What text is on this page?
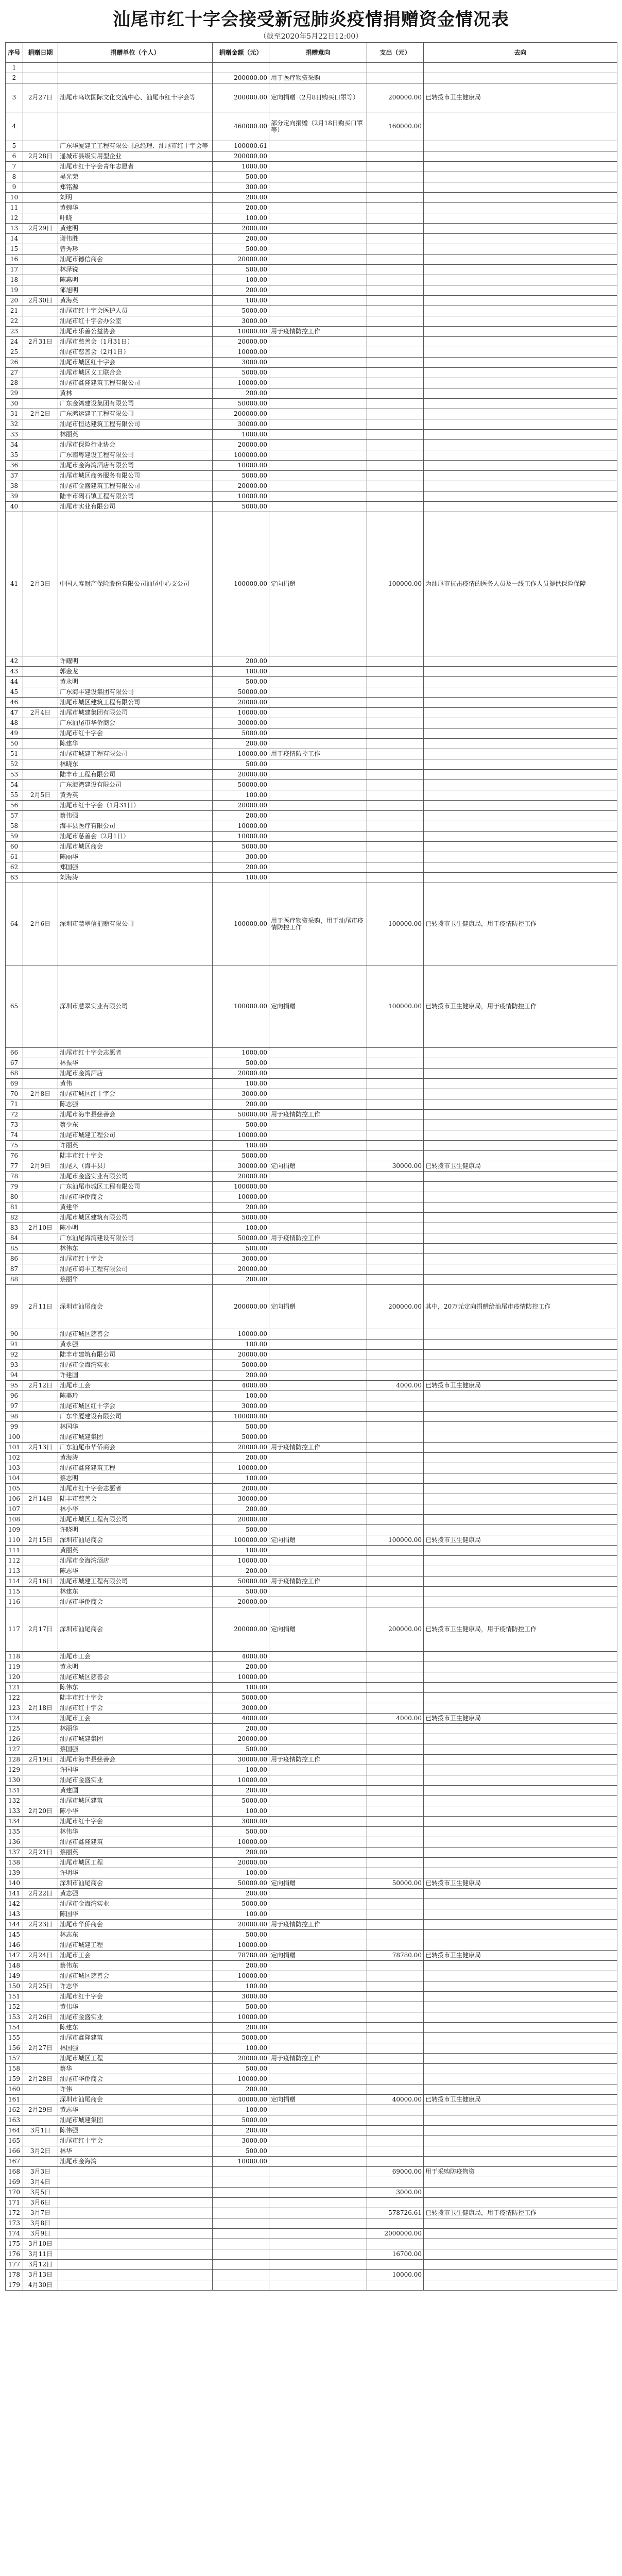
汕尾市红十字会接受新冠肺炎疫情捐赠资金情况表
（截至2020年5月22日12:00）
序号	捐赠日期	捐赠单位（个人）	捐赠金额（元）	捐赠意向	支出（元）	去向
1						
2			200000.00	用于医疗物资采购		
3	2月27日	汕尾市乌坎国际文化交流中心、汕尾市红十字会等	200000.00	定向捐赠（2月8日购买口罩等）	200000.00	已转拨市卫生健康局
4			460000.00	部分定向捐赠（2月18日购买口罩等）	160000.00	
5		广东华厦建工工程有限公司总经理、汕尾市红十字会等	100000.61			
6	2月28日	遥城市县级实用型企业	200000.00			
7		汕尾市红十字会青年志愿者	1000.00			
8		吴光荣	500.00			
9		郑铭源	300.00			
10		刘明	200.00			
11		黄婉华	200.00			
12		叶晓	100.00			
13	2月29日	黄建明	2000.00			
14		谢伟胜	200.00			
15		曾秀珍	500.00			
16		汕尾市德信商会	20000.00			
17		林泽锐	500.00			
18		陈惠明	100.00			
19		邹旭明	200.00			
20	2月30日	黄海英	100.00			
21		汕尾市红十字会医护人员	5000.00			
22		汕尾市红十字会办公室	3000.00			
23		汕尾市乐善公益协会	10000.00	用于疫情防控工作		
24	2月31日	汕尾市慈善会（1月31日）	20000.00			
25		汕尾市慈善会（2月1日）	10000.00			
26		汕尾市城区红十字会	3000.00			
27		汕尾市城区义工联合会	5000.00			
28		汕尾市鑫隆建筑工程有限公司	10000.00			
29		黄林	200.00			
30		广东金湾建设集团有限公司	50000.00			
31	2月2日	广东鸿运建工工程有限公司	200000.00			
32		汕尾市恒达建筑工程有限公司	30000.00			
33		林丽英	1000.00			
34		汕尾市保险行业协会	20000.00			
35		广东南粤建设工程有限公司	100000.00			
36		汕尾市金海湾酒店有限公司	10000.00			
37		汕尾市城区商务服务有限公司	5000.00			
38		汕尾市金盛建筑工程有限公司	20000.00			
39		陆丰市碣石镇工程有限公司	10000.00			
40		汕尾市实业有限公司	5000.00			
41	2月3日	中国人寿财产保险股份有限公司汕尾中心支公司	100000.00	定向捐赠	100000.00	为汕尾市抗击疫情的医务人员及一线工作人员提供保险保障
42		许耀明	200.00			
43		郭金龙	100.00			
44		黄永明	500.00			
45		广东海丰建设集团有限公司	50000.00			
46		汕尾市城区建筑工程有限公司	20000.00			
47	2月4日	汕尾市城建集团有限公司	10000.00			
48		广东汕尾市华侨商会	30000.00			
49		汕尾市红十字会	5000.00			
50		陈建华	200.00			
51		汕尾市城建工程有限公司	10000.00	用于疫情防控工作		
52		林晓东	500.00			
53		陆丰市工程有限公司	20000.00			
54		广东海湾建设有限公司	50000.00			
55	2月5日	黄秀英	100.00			
56		汕尾市红十字会（1月31日）	20000.00			
57		蔡伟强	200.00			
58		海丰县医疗有限公司	10000.00			
59		汕尾市慈善会（2月1日）	10000.00			
60		汕尾市城区商会	5000.00			
61		陈丽华	300.00			
62		郑国强	200.00			
63		刘海涛	100.00			
64	2月6日	深圳市慧翠信捐赠有限公司	100000.00	用于医疗物资采购，用于汕尾市疫情防控工作	100000.00	已转拨市卫生健康局，用于疫情防控工作
65		深圳市慧翠实业有限公司	100000.00	定向捐赠	100000.00	已转拨市卫生健康局，用于疫情防控工作
66		汕尾市红十字会志愿者	1000.00			
67		林振华	500.00			
68		汕尾市金湾酒店	20000.00			
69		黄伟	100.00			
70	2月8日	汕尾市城区红十字会	3000.00			
71		陈志强	200.00			
72		汕尾市海丰县慈善会	50000.00	用于疫情防控工作		
73		蔡少东	500.00			
74		汕尾市城建工程公司	10000.00			
75		许丽英	100.00			
76		陆丰市红十字会	5000.00			
77	2月9日	汕尾人（海丰县）	30000.00	定向捐赠	30000.00	已转拨市卫生健康局
78		汕尾市金盛实业有限公司	20000.00			
79		广东汕尾市城区工程有限公司	100000.00			
80		汕尾市华侨商会	10000.00			
81		黄建华	200.00			
82		汕尾市城区建筑有限公司	5000.00			
83	2月10日	陈小明	100.00			
84		广东汕尾海湾建设有限公司	50000.00	用于疫情防控工作		
85		林伟东	500.00			
86		汕尾市红十字会	3000.00			
87		汕尾市海丰工程有限公司	20000.00			
88		蔡丽华	200.00			
89	2月11日	深圳市汕尾商会	200000.00	定向捐赠	200000.00	其中，20万元定向捐赠给汕尾市疫情防控工作
90		汕尾市城区慈善会	10000.00			
91		黄永强	100.00			
92		陆丰市建筑有限公司	20000.00			
93		汕尾市金海湾实业	5000.00			
94		许建国	200.00			
95	2月12日	汕尾市工会	4000.00		4000.00	已转拨市卫生健康局
96		陈美玲	100.00			
97		汕尾市城区红十字会	3000.00			
98		广东华厦建设有限公司	100000.00			
99		林国华	500.00			
100		汕尾市城建集团	5000.00			
101	2月13日	广东汕尾市华侨商会	20000.00	用于疫情防控工作		
102		黄海涛	200.00			
103		汕尾市鑫隆建筑工程	10000.00			
104		蔡志明	100.00			
105		汕尾市红十字会志愿者	2000.00			
106	2月14日	陆丰市慈善会	30000.00			
107		林小华	200.00			
108		汕尾市城区工程有限公司	20000.00			
109		许晓明	500.00			
110	2月15日	深圳市汕尾商会	100000.00	定向捐赠	100000.00	已转拨市卫生健康局
111		黄丽英	100.00			
112		汕尾市金海湾酒店	10000.00			
113		陈志华	200.00			
114	2月16日	汕尾市城建工程有限公司	50000.00	用于疫情防控工作		
115		林建东	500.00			
116		汕尾市华侨商会	20000.00			
117	2月17日	深圳市汕尾商会	200000.00	定向捐赠	200000.00	已转拨市卫生健康局，用于疫情防控工作
118		汕尾市工会	4000.00			
119		黄永明	200.00			
120		汕尾市城区慈善会	10000.00			
121		陈伟东	100.00			
122		陆丰市红十字会	5000.00			
123	2月18日	汕尾市红十字会	3000.00			
124		汕尾市工会	4000.00		4000.00	已转拨市卫生健康局
125		林丽华	200.00			
126		汕尾市城建集团	20000.00			
127		蔡国强	500.00			
128	2月19日	汕尾市海丰县慈善会	30000.00	用于疫情防控工作		
129		许国华	100.00			
130		汕尾市金盛实业	10000.00			
131		黄建国	200.00			
132		汕尾市城区建筑	5000.00			
133	2月20日	陈小华	100.00			
134		汕尾市红十字会	3000.00			
135		林伟华	500.00			
136		汕尾市鑫隆建筑	10000.00			
137	2月21日	蔡丽英	200.00			
138		汕尾市城区工程	20000.00			
139		许明华	100.00			
140		深圳市汕尾商会	50000.00	定向捐赠	50000.00	已转拨市卫生健康局
141	2月22日	黄志强	200.00			
142		汕尾市金海湾实业	5000.00			
143		陈国华	100.00			
144	2月23日	汕尾市华侨商会	20000.00	用于疫情防控工作		
145		林志东	500.00			
146		汕尾市城建工程	10000.00			
147	2月24日	汕尾市工会	78780.00	定向捐赠	78780.00	已转拨市卫生健康局
148		蔡伟东	200.00			
149		汕尾市城区慈善会	10000.00			
150	2月25日	许志华	100.00			
151		汕尾市红十字会	3000.00			
152		黄伟华	500.00			
153	2月26日	汕尾市金盛实业	10000.00			
154		陈建东	200.00			
155		汕尾市鑫隆建筑	5000.00			
156	2月27日	林国强	100.00			
157		汕尾市城区工程	20000.00	用于疫情防控工作		
158		蔡华	500.00			
159	2月28日	汕尾市华侨商会	10000.00			
160		许伟	200.00			
161		深圳市汕尾商会	40000.00	定向捐赠	40000.00	已转拨市卫生健康局
162	2月29日	黄志华	100.00			
163		汕尾市城建集团	5000.00			
164	3月1日	陈伟强	200.00			
165		汕尾市红十字会	3000.00			
166	3月2日	林华	500.00			
167		汕尾市金海湾	10000.00			
168	3月3日				69000.00	用于采购防疫物资
169	3月4日					
170	3月5日				3000.00	
171	3月6日					
172	3月7日				578726.61	已转拨市卫生健康局，用于疫情防控工作
173	3月8日					
174	3月9日				2000000.00	
175	3月10日					
176	3月11日				16700.00	
177	3月12日					
178	3月13日				10000.00	
179	4月30日					
